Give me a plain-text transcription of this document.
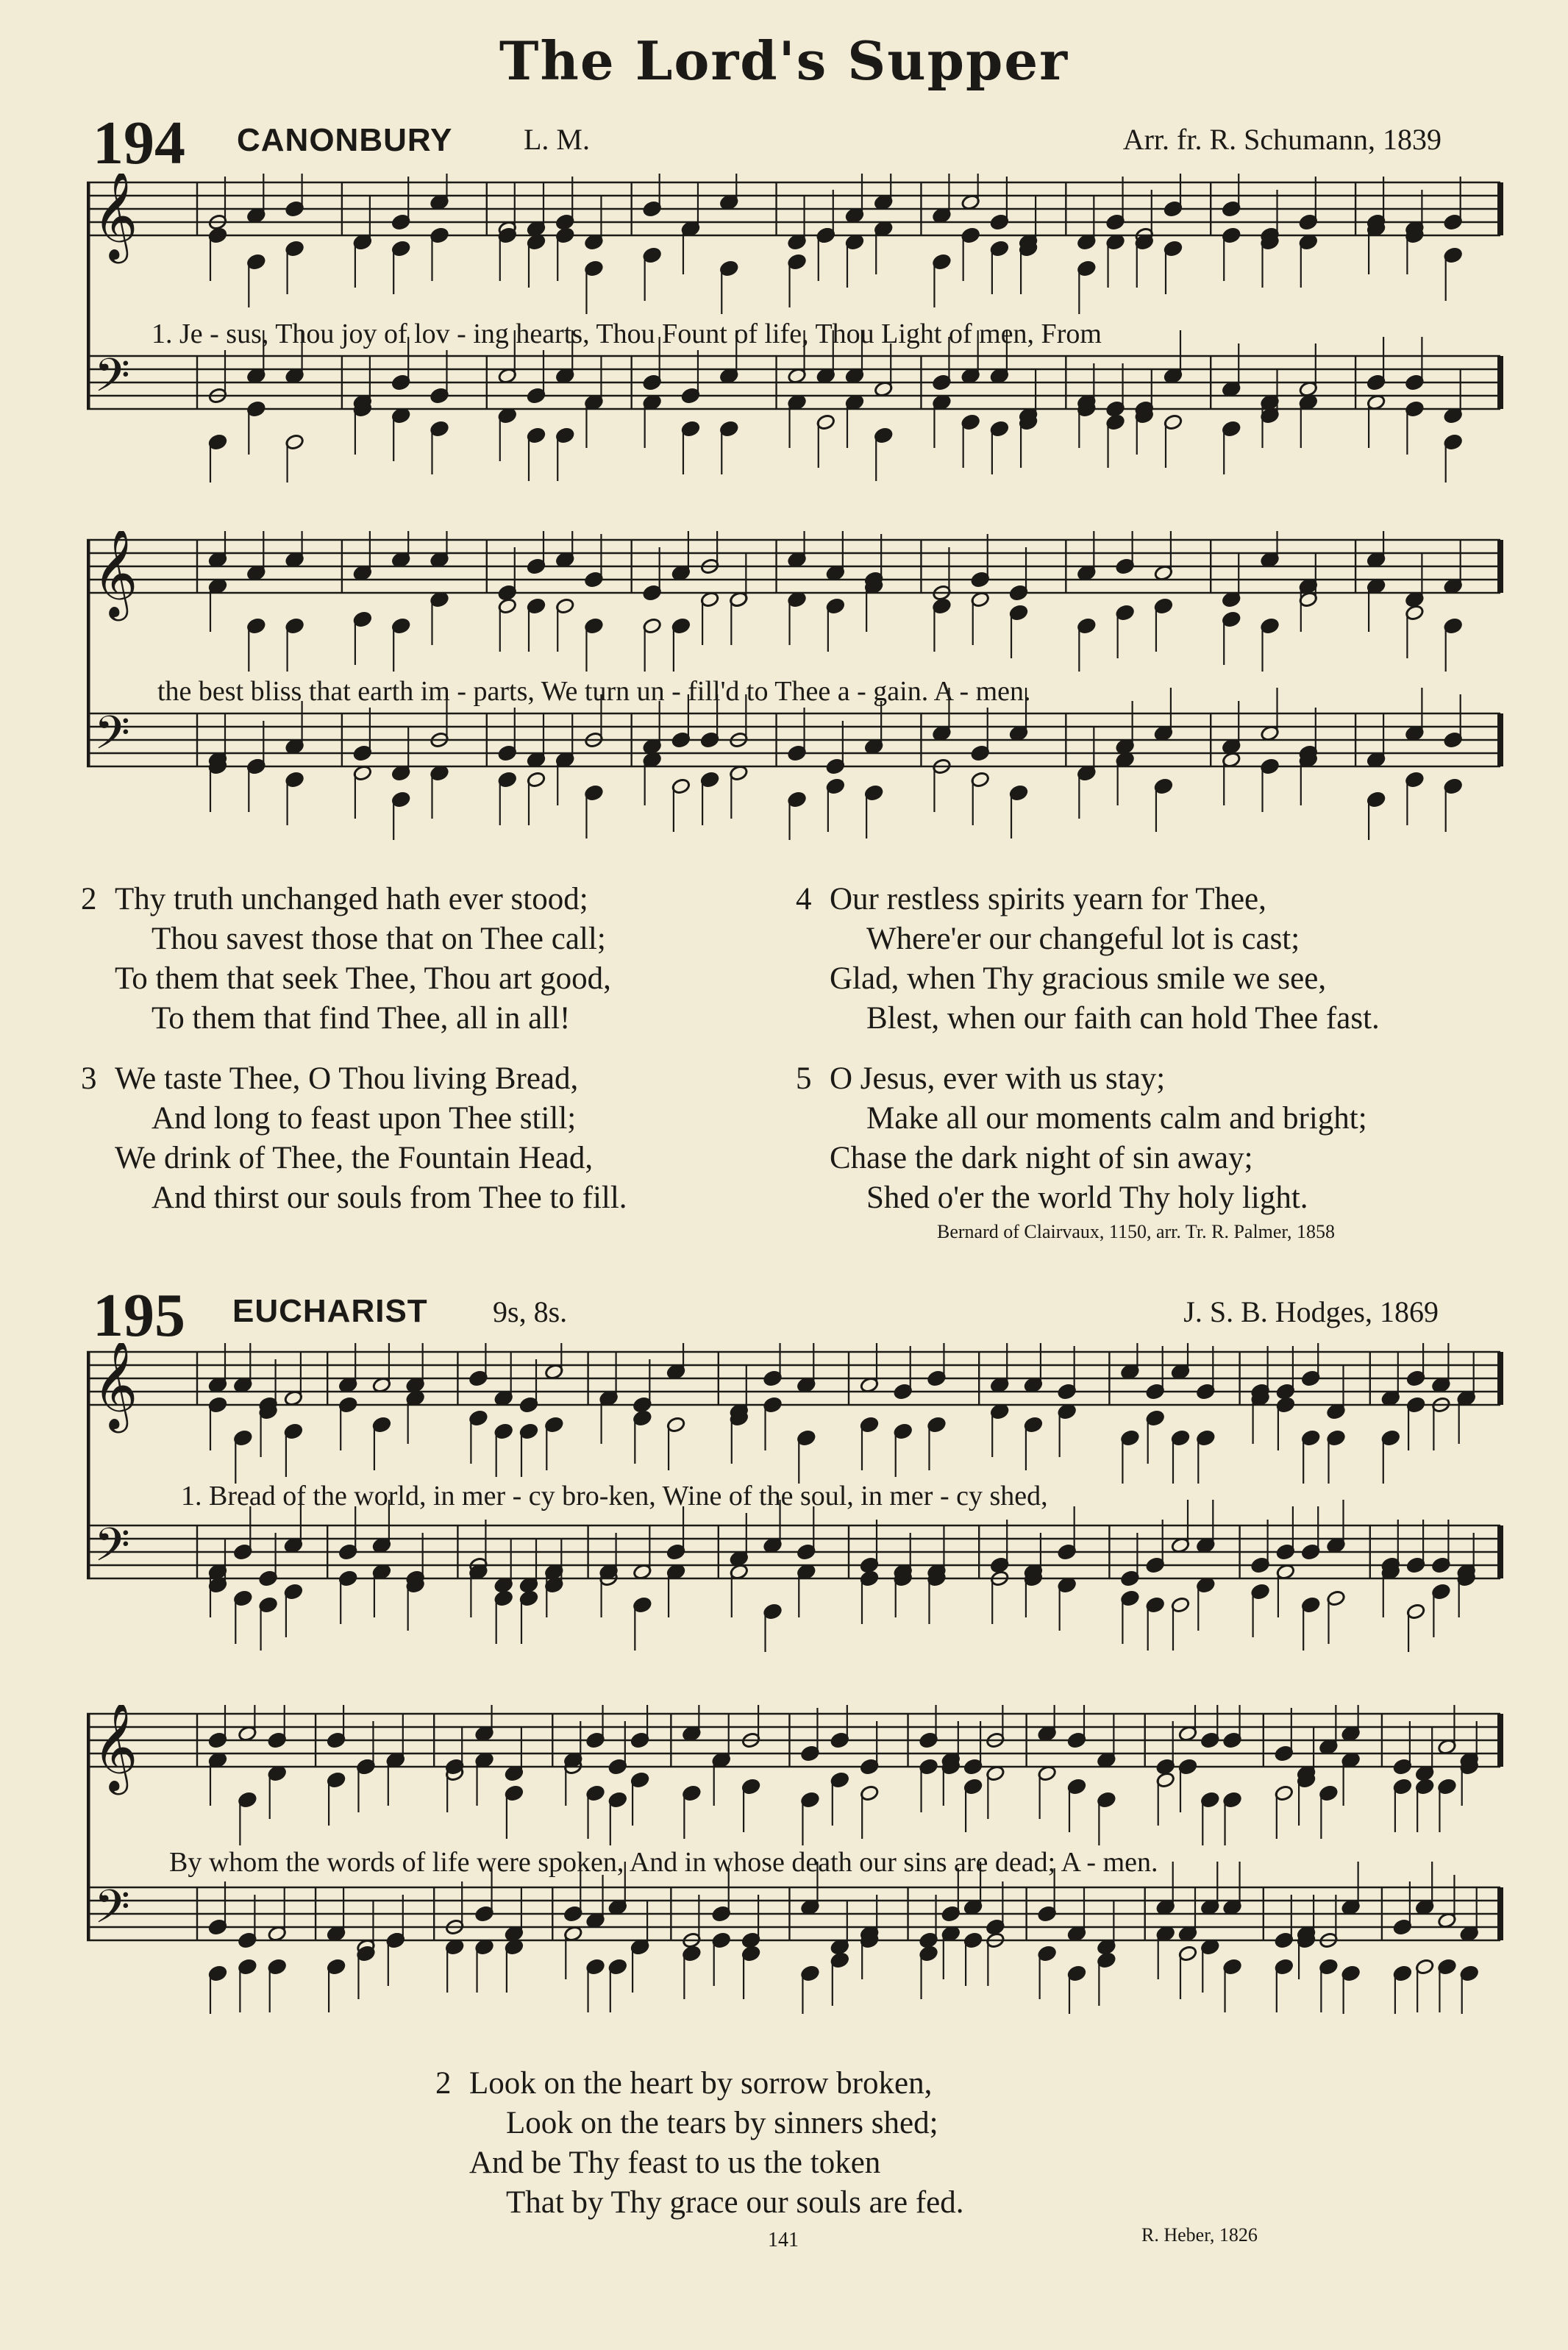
The Lord's Supper
194 CANONBURY L. M.	Arr. fr. R. Schumann, 1839
𝄞
𝄢
1. Je - sus, Thou joy of lov - ing hearts, Thou Fount of life, Thou Light of men, From
𝄞
𝄢
the best bliss that earth im - parts, We turn un - fill'd to Thee a - gain. A - men.
2 Thy truth unchanged hath ever stood;
Thou savest those that on Thee call;
To them that seek Thee, Thou art good,
To them that find Thee, all in all!
3 We taste Thee, O Thou living Bread,
And long to feast upon Thee still;
We drink of Thee, the Fountain Head,
And thirst our souls from Thee to fill.
4 Our restless spirits yearn for Thee,
Where'er our changeful lot is cast;
Glad, when Thy gracious smile we see,
Blest, when our faith can hold Thee fast.
5 O Jesus, ever with us stay;
Make all our moments calm and bright;
Chase the dark night of sin away;
Shed o'er the world Thy holy light.
Bernard of Clairvaux, 1150, arr. Tr. R. Palmer, 1858
195 EUCHARIST 9s, 8s.	J. S. B. Hodges, 1869
𝄞
𝄢
1. Bread of the world, in mer - cy bro-ken, Wine of the soul, in mer - cy shed,
𝄞
𝄢
By whom the words of life were spoken, And in whose death our sins are dead; A - men.
2 Look on the heart by sorrow broken,
Look on the tears by sinners shed;
And be Thy feast to us the token
That by Thy grace our souls are fed.
141	R. Heber, 1826
